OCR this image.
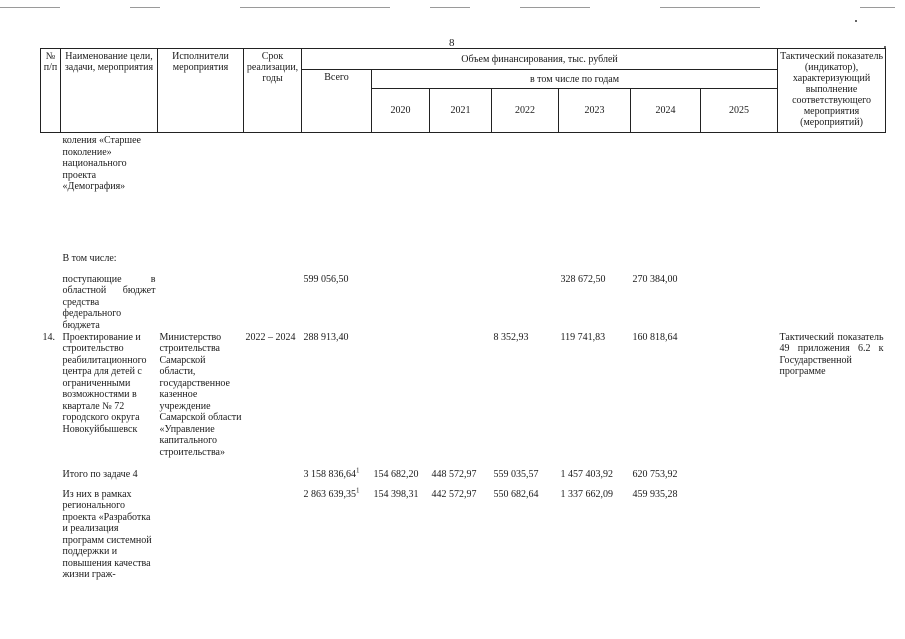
8
№ п/п	Наименование цели, задачи, мероприятия	Исполнители мероприятия	Срок реализации, годы	Объем финансирования, тыс. рублей							Тактический показатель (индикатор), характеризующий выполнение соответствующего мероприятия (мероприятий)
				Всего	в том числе по годам						
					2020	2021	2022	2023	2024	2025	
	коления «Старшее поколение» национального проекта «Демография»										
	В том числе:										
	поступающие в областной бюджет средства федерального бюджета			599 056,50				328 672,50	270 384,00		
14.	Проектирование и строительство реабилитационного центра для детей с ограниченными возможностями в квартале № 72 городского округа Новокуйбышевск	Министерство строительства Самарской области, государственное казенное учреждение Самарской области «Управление капитального строительства»	2022 – 2024	288 913,40			8 352,93	119 741,83	160 818,64		Тактический показатель 49 приложения 6.2 к Государственной программе
	Итого по задаче 4			3 158 836,64$^1$	154 682,20	448 572,97	559 035,57	1 457 403,92	620 753,92		
	Из них в рамках регионального проекта «Разработка и реализация программ системной поддержки и повышения качества жизни граж-			2 863 639,35$^1$	154 398,31	442 572,97	550 682,64	1 337 662,09	459 935,28		
